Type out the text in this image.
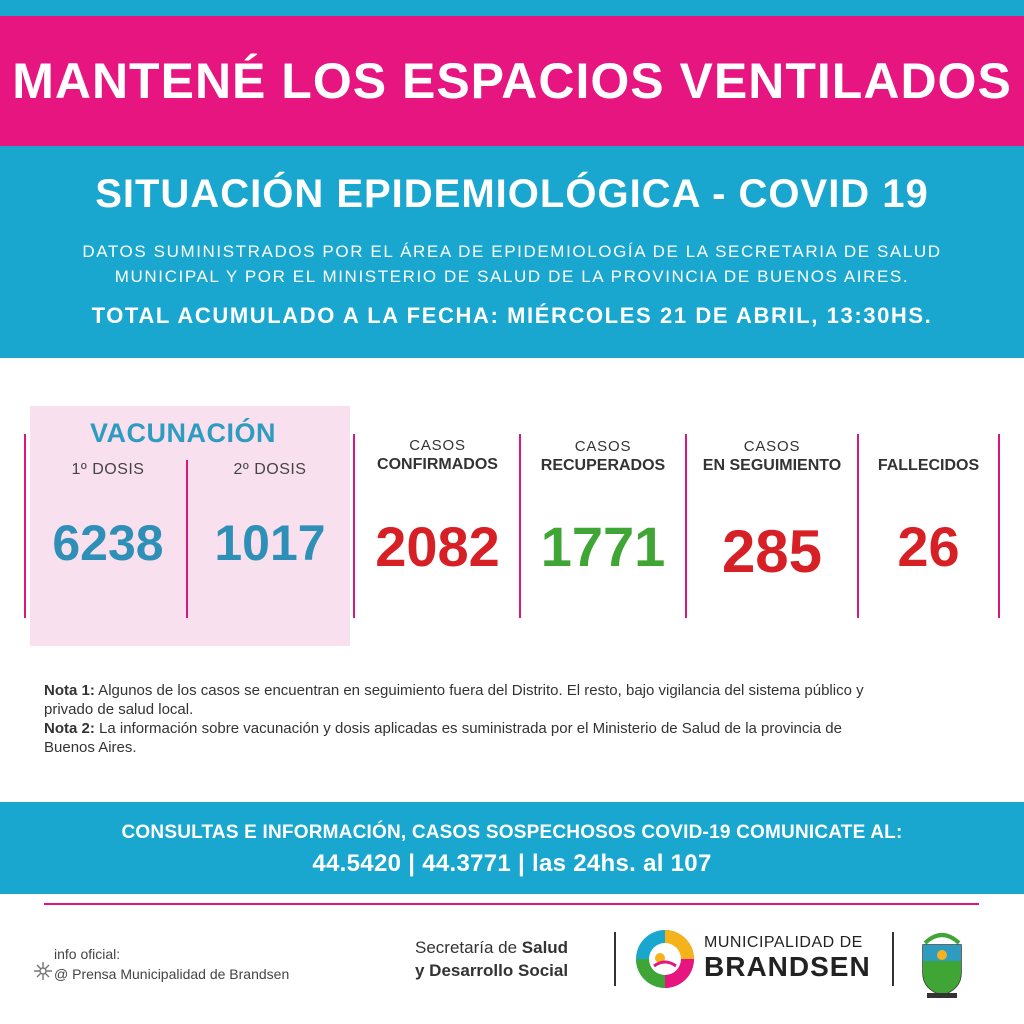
MANTENÉ LOS ESPACIOS VENTILADOS
SITUACIÓN EPIDEMIOLÓGICA - COVID 19
DATOS SUMINISTRADOS POR EL ÁREA DE EPIDEMIOLOGÍA DE LA SECRETARIA DE SALUD
MUNICIPAL Y POR EL MINISTERIO DE SALUD DE LA PROVINCIA DE BUENOS AIRES.
TOTAL ACUMULADO A LA FECHA: MIÉRCOLES 21 DE ABRIL, 13:30HS.
VACUNACIÓN
1º DOSIS
6238
2º DOSIS
1017
CASOS
CONFIRMADOS
2082
CASOS
RECUPERADOS
1771
CASOS
EN SEGUIMIENTO
285
FALLECIDOS
26
Nota 1: Algunos de los casos se encuentran en seguimiento fuera del Distrito. El resto, bajo vigilancia del sistema público y privado de salud local.
Nota 2: La información sobre vacunación y dosis aplicadas es suministrada por el Ministerio de Salud de la provincia de Buenos Aires.
CONSULTAS E INFORMACIÓN, CASOS SOSPECHOSOS COVID-19 COMUNICATE AL:
44.5420 | 44.3771 | las 24hs. al 107
info oficial:
@ Prensa Municipalidad de Brandsen
Secretaría de Salud
y Desarrollo Social
MUNICIPALIDAD DE
BRANDSEN
